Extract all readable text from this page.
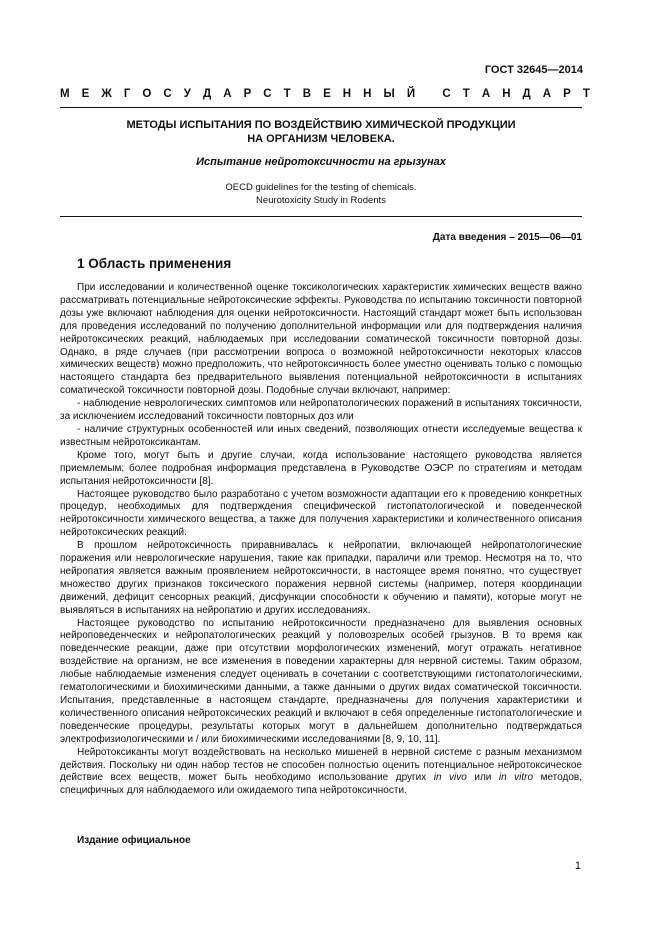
ГОСТ 32645—2014
М Е Ж Г О С У Д А Р С Т В Е Н Н Ы Й
С Т А Н Д А Р Т
МЕТОДЫ ИСПЫТАНИЯ ПО ВОЗДЕЙСТВИЮ ХИМИЧЕСКОЙ ПРОДУКЦИИ
НА ОРГАНИЗМ ЧЕЛОВЕКА.
Испытание нейротоксичности на грызунах
OECD guidelines for the testing of chemicals.
Neurotoxicity Study in Rodents
Дата введения – 2015—06—01
1 Область применения

При исследовании и количественной оценке токсикологических характеристик химических веществ важно рассматривать потенциальные нейротоксические эффекты. Руководства по испытанию токсичности повторной дозы уже включают наблюдения для оценки нейротоксичности. Настоящий стандарт может быть использован для проведения исследований по получению дополнительной информации или для подтверждения наличия нейротоксических реакций, наблюдаемых при исследовании соматической токсичности повторной дозы. Однако, в ряде случаев (при рассмотрении вопроса о возможной нейротоксичности некоторых классов химических веществ) можно предположить, что нейротоксичность более уместно оценивать только с помощью настоящего стандарта без предварительного выявления потенциальной нейротоксичности в испытаниях соматической токсичности повторной дозы. Подобные случаи включают, например:

- наблюдение неврологических симптомов или нейропатологических поражений в испытаниях токсичности, за исключением исследований токсичности повторных доз или

- наличие структурных особенностей или иных сведений, позволяющих отнести исследуемые вещества к известным нейротоксикантам.

Кроме того, могут быть и другие случаи, когда использование настоящего руководства является приемлемым; более подробная информация представлена в Руководстве ОЭСР по стратегиям и методам испытания нейротоксичности [8].

Настоящее руководство было разработано с учетом возможности адаптации его к проведению конкретных процедур, необходимых для подтверждения специфической гистопатологической и поведенческой нейротоксичности химического вещества, а также для получения характеристики и количественного описания нейротоксических реакций.

В прошлом нейротоксичность приравнивалась к нейропатии, включающей нейропатологические поражения или неврологические нарушения, такие как припадки, параличи или тремор. Несмотря на то, что нейропатия является важным проявлением нейротоксичности, в настоящее время понятно, что существует множество других признаков токсического поражения нервной системы (например, потеря координации движений, дефицит сенсорных реакций, дисфункции способности к обучению и памяти), которые могут не выявляться в испытаниях на нейропатию и других исследованиях.

Настоящее руководство по испытанию нейротоксичности предназначено для выявления основных нейроповеденческих и нейропатологических реакций у половозрелых особей грызунов. В то время как поведенческие реакции, даже при отсутствии морфологических изменений, могут отражать негативное воздействие на организм, не все изменения в поведении характерны для нервной системы. Таким образом, любые наблюдаемые изменения следует оценивать в сочетании с соответствующими гистопатологическими, гематологическими и биохимическими данными, а также данными о других видах соматической токсичности. Испытания, представленные в настоящем стандарте, предназначены для получения характеристики и количественного описания нейротоксических реакций и включают в себя определенные гистопатологические и поведенческие процедуры, результаты которых могут в дальнейшем дополнительно подтверждаться электрофизиологическими и / или биохимическими исследованиями [8, 9, 10, 11].

Нейротоксиканты могут воздействовать на несколько мишеней в нервной системе с разным механизмом действия. Поскольку ни один набор тестов не способен полностью оценить потенциальное нейротоксическое действие всех веществ, может быть необходимо использование других in vivo или in vitro методов, специфичных для наблюдаемого или ожидаемого типа нейротоксичности.

Издание официальное
1
